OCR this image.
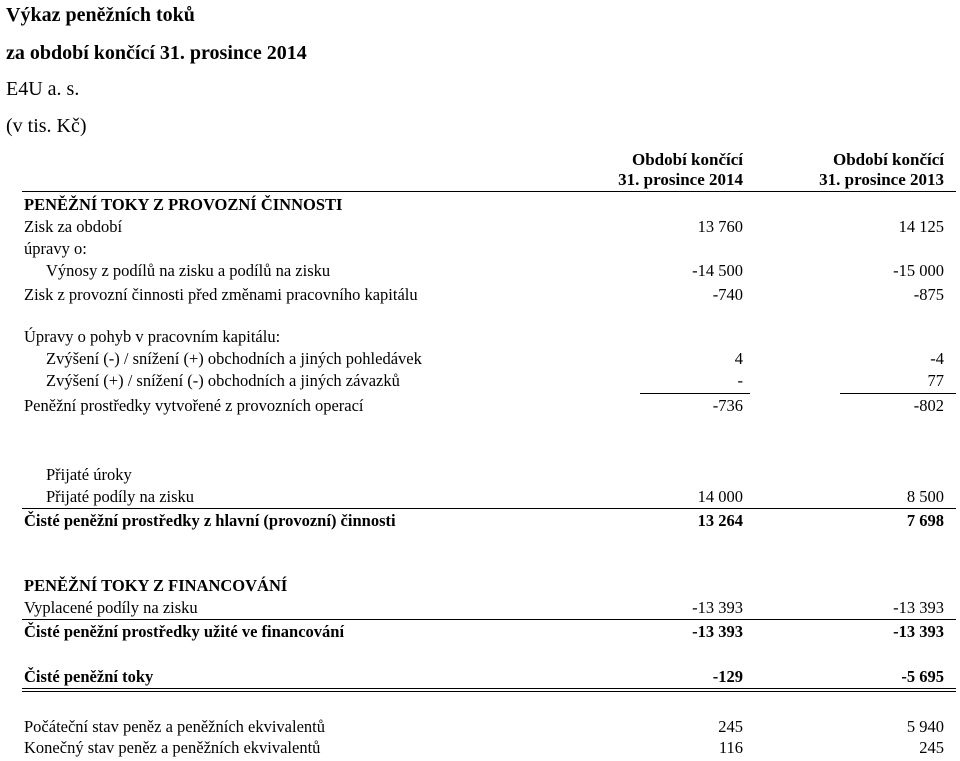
Výkaz peněžních toků
za období končící 31. prosince 2014
E4U a. s.
(v tis. Kč)
Období končící
31. prosince 2014
Období končící
31. prosince 2013
PENĚŽNÍ TOKY Z PROVOZNÍ ČINNOSTI
Zisk za období	13 760	14 125
úpravy o:
Výnosy z podílů na zisku a podílů na zisku	-14 500	-15 000
Zisk z provozní činnosti před změnami pracovního kapitálu	-740	-875
Úpravy o pohyb v pracovním kapitálu:
Zvýšení (-) / snížení (+) obchodních a jiných pohledávek	4	-4
Zvýšení (+) / snížení (-) obchodních a jiných závazků	-	77
Peněžní prostředky vytvořené z provozních operací	-736	-802
Přijaté úroky
Přijaté podíly na zisku	14 000	8 500
Čisté peněžní prostředky z hlavní (provozní) činnosti	13 264	7 698
PENĚŽNÍ TOKY Z FINANCOVÁNÍ
Vyplacené podíly na zisku	-13 393	-13 393
Čisté peněžní prostředky užité ve financování	-13 393	-13 393
Čisté peněžní toky	-129	-5 695
Počáteční stav peněz a peněžních ekvivalentů	245	5 940
Konečný stav peněz a peněžních ekvivalentů	116	245
